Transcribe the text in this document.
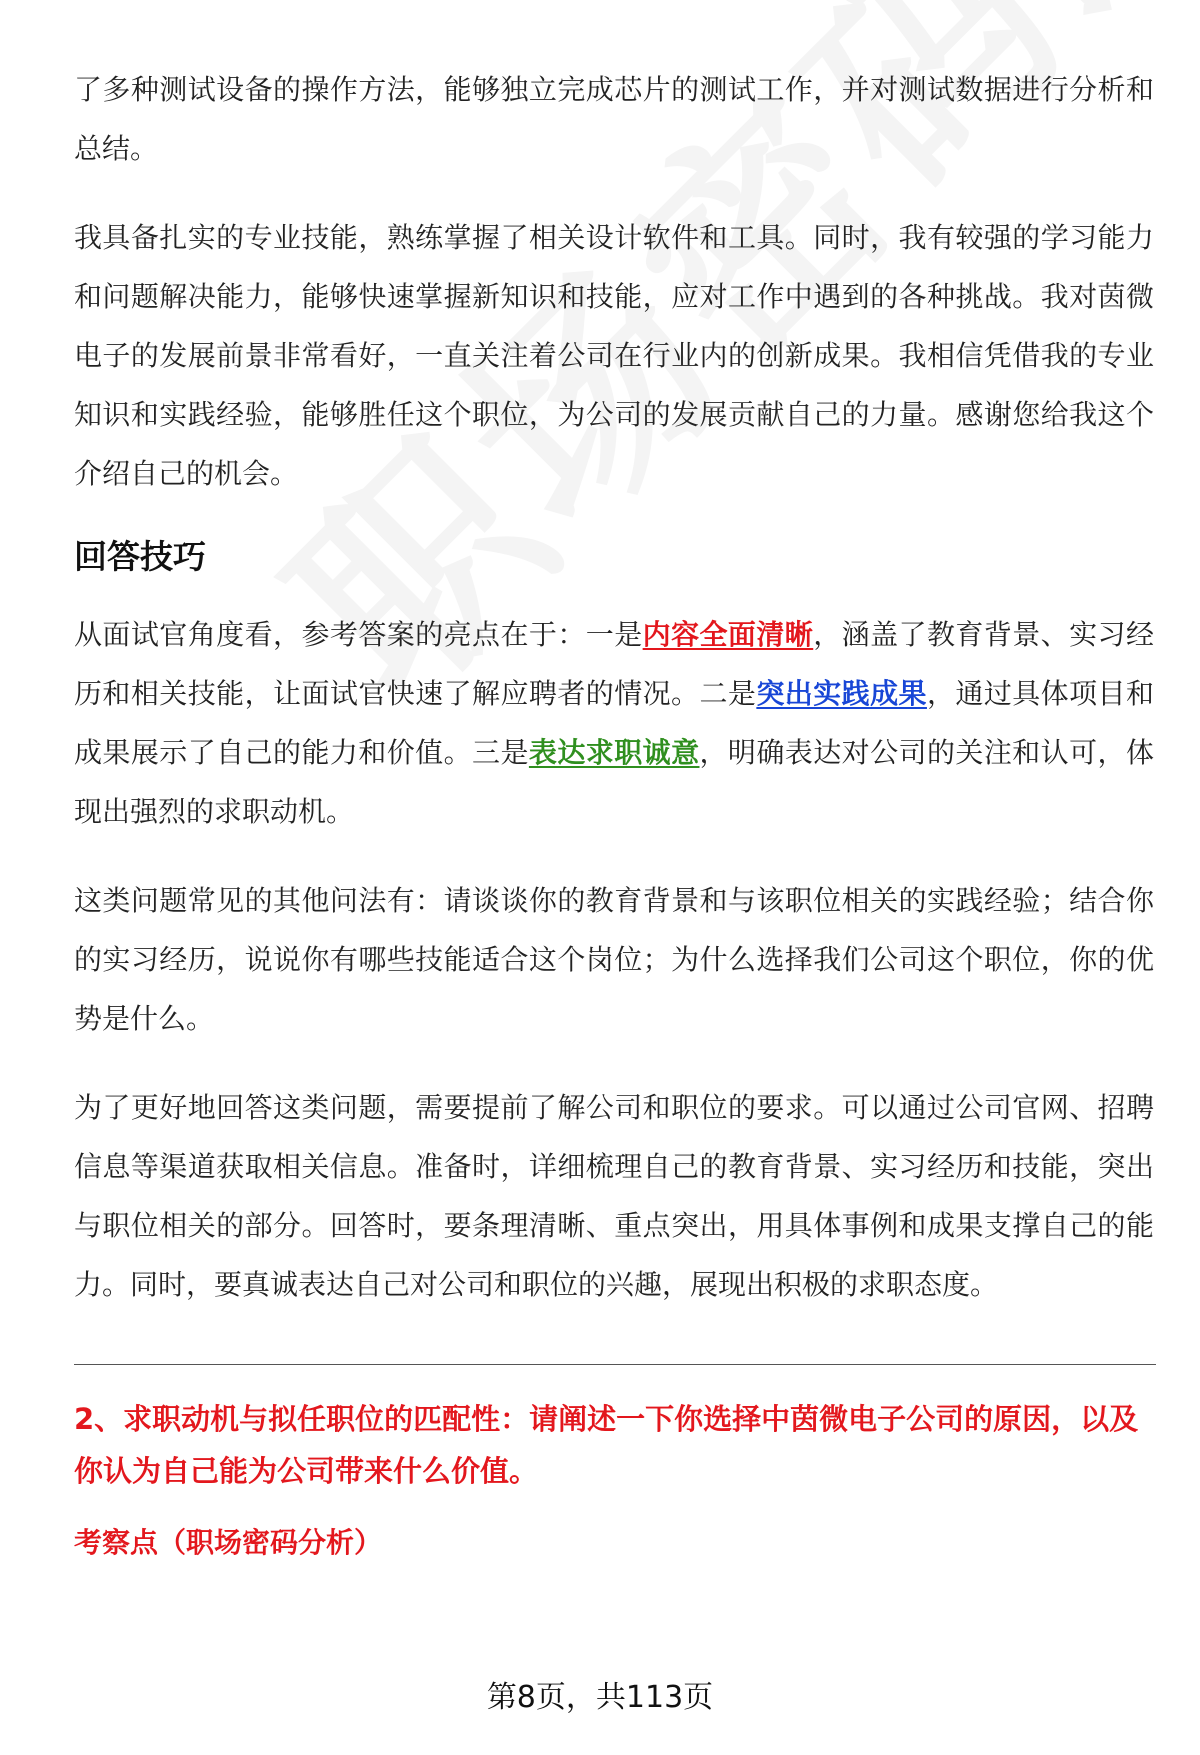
了多种测试设备的操作方法，能够独立完成芯片的测试工作，并对测试数据进行分析和总结。

我具备扎实的专业技能，熟练掌握了相关设计软件和工具。同时，我有较强的学习能力和问题解决能力，能够快速掌握新知识和技能，应对工作中遇到的各种挑战。我对茵微电子的发展前景非常看好，一直关注着公司在行业内的创新成果。我相信凭借我的专业知识和实践经验，能够胜任这个职位，为公司的发展贡献自己的力量。感谢您给我这个介绍自己的机会。

回答技巧

从面试官角度看，参考答案的亮点在于：一是内容全面清晰，涵盖了教育背景、实习经历和相关技能，让面试官快速了解应聘者的情况。二是突出实践成果，通过具体项目和成果展示了自己的能力和价值。三是表达求职诚意，明确表达对公司的关注和认可，体现出强烈的求职动机。

这类问题常见的其他问法有：请谈谈你的教育背景和与该职位相关的实践经验；结合你的实习经历，说说你有哪些技能适合这个岗位；为什么选择我们公司这个职位，你的优势是什么。

为了更好地回答这类问题，需要提前了解公司和职位的要求。可以通过公司官网、招聘信息等渠道获取相关信息。准备时，详细梳理自己的教育背景、实习经历和技能，突出与职位相关的部分。回答时，要条理清晰、重点突出，用具体事例和成果支撑自己的能力。同时，要真诚表达自己对公司和职位的兴趣，展现出积极的求职态度。

2、求职动机与拟任职位的匹配性：请阐述一下你选择中茵微电子公司的原因，以及你认为自己能为公司带来什么价值。
考察点（职场密码分析）
第8页，共113页
